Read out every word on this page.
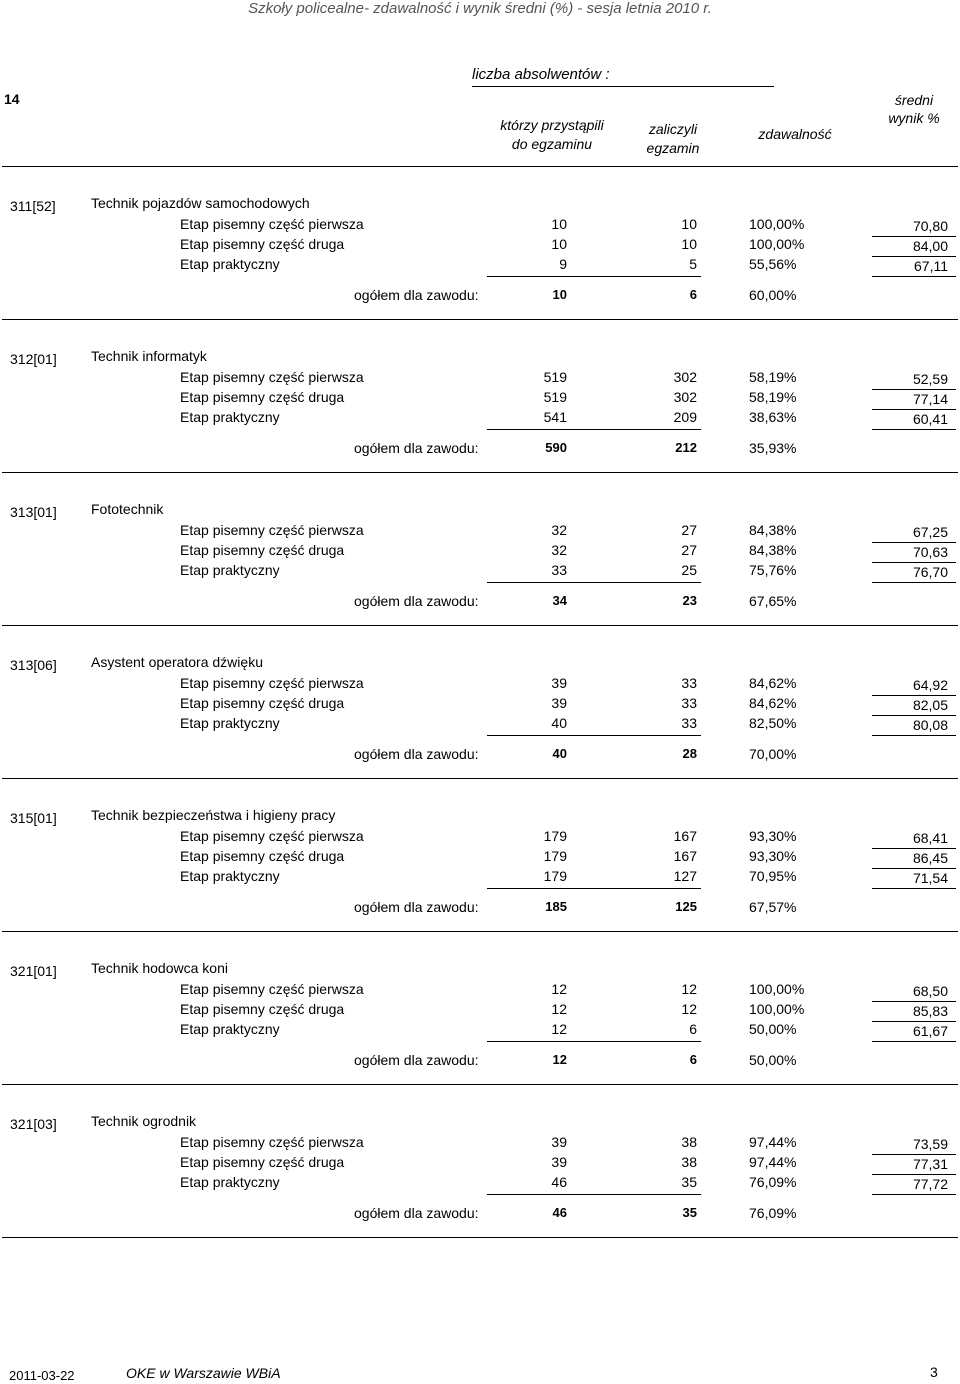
Szkoły policealne- zdawalność i wynik średni (%) - sesja letnia 2010 r.
14
liczba absolwentów :
którzy przystąpili
do egzaminu
zaliczyli
egzamin
zdawalność
średni
wynik %
311[52]	Technik pojazdów samochodowych
Etap pisemny część pierwsza	10	10	100,00%	70,80
Etap pisemny część druga	10	10	100,00%	84,00
Etap praktyczny	9	5	55,56%	67,11
ogółem dla zawodu:	10	6	60,00%
312[01] Technik informatyk
Etap pisemny część pierwsza	519	302	58,19%	52,59
Etap pisemny część druga	519	302	58,19%	77,14
Etap praktyczny	541	209	38,63%	60,41
ogółem dla zawodu:	590	212	35,93%
313[01] Fototechnik
Etap pisemny część pierwsza	32	27	84,38%	67,25
Etap pisemny część druga	32	27	84,38%	70,63
Etap praktyczny	33	25	75,76%	76,70
ogółem dla zawodu:	34	23	67,65%
313[06] Asystent operatora dźwięku
Etap pisemny część pierwsza	39	33	84,62%	64,92
Etap pisemny część druga	39	33	84,62%	82,05
Etap praktyczny	40	33	82,50%	80,08
ogółem dla zawodu:	40	28	70,00%
315[01] Technik bezpieczeństwa i higieny pracy
Etap pisemny część pierwsza	179	167	93,30%	68,41
Etap pisemny część druga	179	167	93,30%	86,45
Etap praktyczny	179	127	70,95%	71,54
ogółem dla zawodu:	185	125	67,57%
321[01] Technik hodowca koni
Etap pisemny część pierwsza	12	12	100,00%	68,50
Etap pisemny część druga	12	12	100,00%	85,83
Etap praktyczny	12	6	50,00%	61,67
ogółem dla zawodu:	12	6	50,00%
321[03] Technik ogrodnik
Etap pisemny część pierwsza	39	38	97,44%	73,59
Etap pisemny część druga	39	38	97,44%	77,31
Etap praktyczny	46	35	76,09%	77,72
ogółem dla zawodu:	46	35	76,09%
2011-03-22	OKE w Warszawie WBiA	3
